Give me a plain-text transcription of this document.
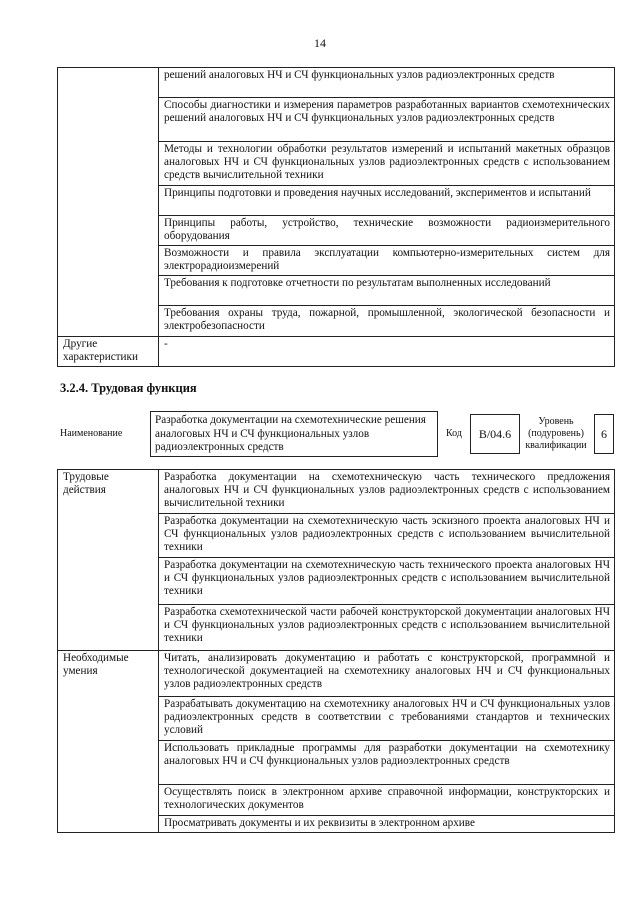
14
	решений аналоговых НЧ и СЧ функциональных узлов радиоэлектронных средств
	Способы диагностики и измерения параметров разработанных вариантов схемотехнических решений аналоговых НЧ и СЧ функциональных узлов радиоэлектронных средств
	Методы и технологии обработки результатов измерений и испытаний макетных образцов аналоговых НЧ и СЧ функциональных узлов радиоэлектронных средств с использованием средств вычислительной техники
	Принципы подготовки и проведения научных исследований, экспериментов и испытаний
	Принципы работы, устройство, технические возможности радиоизмерительного оборудования
	Возможности и правила эксплуатации компьютерно-измерительных систем для электрорадиоизмерений
	Требования к подготовке отчетности по результатам выполненных исследований
	Требования охраны труда, пожарной, промышленной, экологической безопасности и электробезопасности
Другие характеристики	-
3.2.4. Трудовая функция
Наименование
Разработка документации на схемотехнические решения аналоговых НЧ и СЧ функциональных узлов радиоэлектронных средств
Код	В/04.6
Уровень (подуровень) квалификации
6
Трудовые действия	Разработка документации на схемотехническую часть технического предложения аналоговых НЧ и СЧ функциональных узлов радиоэлектронных средств с использованием вычислительной техники
	Разработка документации на схемотехническую часть эскизного проекта аналоговых НЧ и СЧ функциональных узлов радиоэлектронных средств с использованием вычислительной техники
	Разработка документации на схемотехническую часть технического проекта аналоговых НЧ и СЧ функциональных узлов радиоэлектронных средств с использованием вычислительной техники
	Разработка схемотехнической части рабочей конструкторской документации аналоговых НЧ и СЧ функциональных узлов радиоэлектронных средств с использованием вычислительной техники
Необходимые умения	Читать, анализировать документацию и работать с конструкторской, программной и технологической документацией на схемотехнику аналоговых НЧ и СЧ функциональных узлов радиоэлектронных средств
	Разрабатывать документацию на схемотехнику аналоговых НЧ и СЧ функциональных узлов радиоэлектронных средств в соответствии с требованиями стандартов и технических условий
	Использовать прикладные программы для разработки документации на схемотехнику аналоговых НЧ и СЧ функциональных узлов радиоэлектронных средств
	Осуществлять поиск в электронном архиве справочной информации, конструкторских и технологических документов
	Просматривать документы и их реквизиты в электронном архиве
